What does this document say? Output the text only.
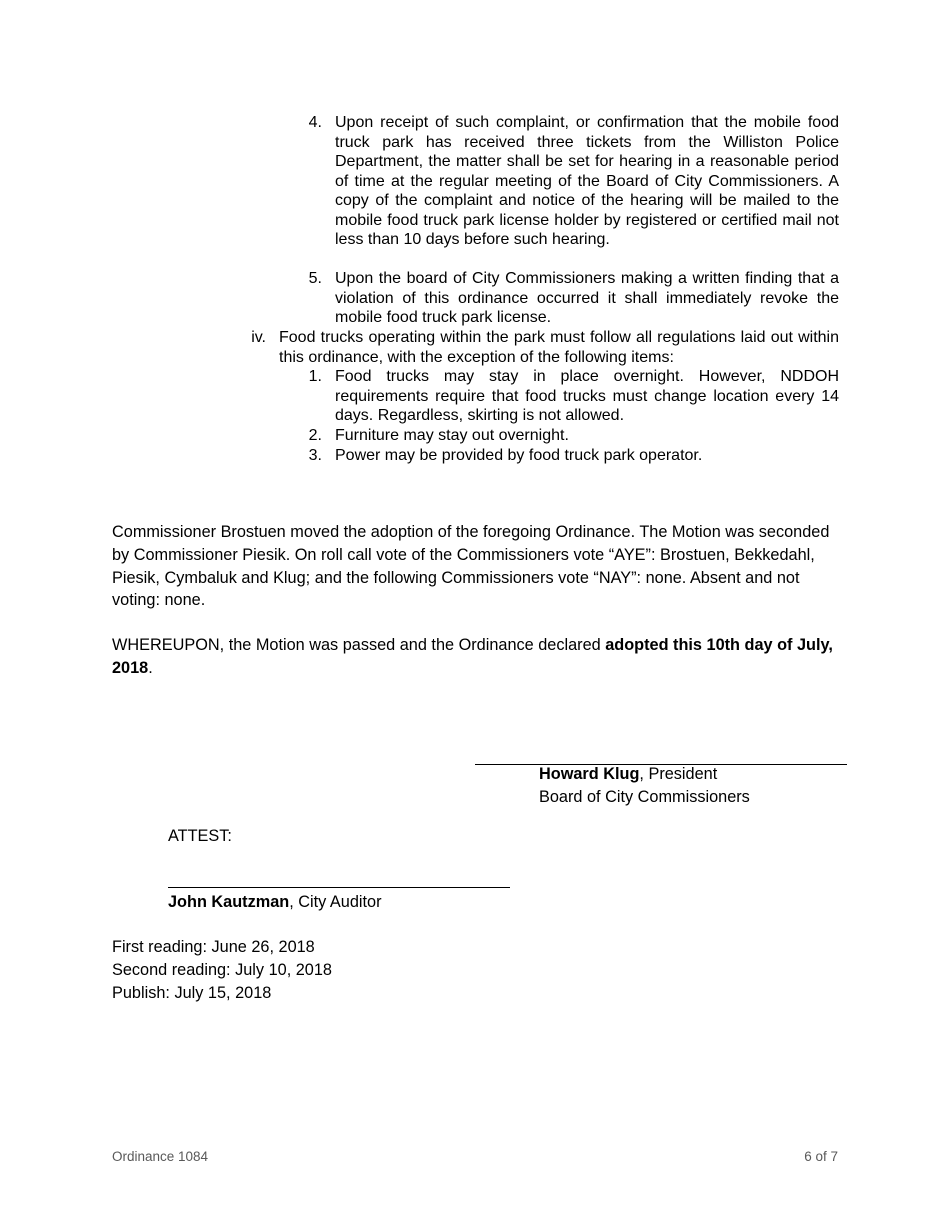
4. Upon receipt of such complaint, or confirmation that the mobile food truck park has received three tickets from the Williston Police Department, the matter shall be set for hearing in a reasonable period of time at the regular meeting of the Board of City Commissioners. A copy of the complaint and notice of the hearing will be mailed to the mobile food truck park license holder by registered or certified mail not less than 10 days before such hearing.
5. Upon the board of City Commissioners making a written finding that a violation of this ordinance occurred it shall immediately revoke the mobile food truck park license.
iv. Food trucks operating within the park must follow all regulations laid out within this ordinance, with the exception of the following items:
1. Food trucks may stay in place overnight. However, NDDOH requirements require that food trucks must change location every 14 days. Regardless, skirting is not allowed.
2. Furniture may stay out overnight.
3. Power may be provided by food truck park operator.
Commissioner Brostuen moved the adoption of the foregoing Ordinance. The Motion was seconded by Commissioner Piesik. On roll call vote of the Commissioners vote “AYE”: Brostuen, Bekkedahl, Piesik, Cymbaluk and Klug; and the following Commissioners vote “NAY”: none. Absent and not voting: none.
WHEREUPON, the Motion was passed and the Ordinance declared adopted this 10th day of July, 2018.
Howard Klug, President
Board of City Commissioners
ATTEST:
John Kautzman, City Auditor
First reading: June 26, 2018
Second reading: July 10, 2018
Publish: July 15, 2018
Ordinance 1084	6 of 7
